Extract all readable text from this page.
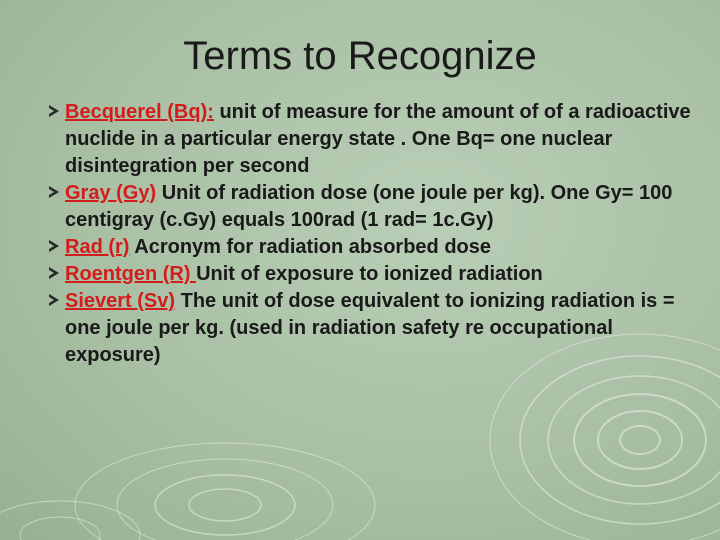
Terms to Recognize
Becquerel (Bq): unit of measure for the amount of of a radioactive nuclide in a particular energy state . One Bq= one nuclear disintegration per second
Gray (Gy) Unit of radiation dose (one joule per kg). One Gy= 100 centigray (c.Gy) equals 100rad (1 rad= 1c.Gy)
Rad (r) Acronym for radiation absorbed dose
Roentgen (R) Unit of exposure to ionized radiation
Sievert (Sv) The unit of dose equivalent to ionizing radiation is = one joule per kg. (used in radiation safety re occupational exposure)
